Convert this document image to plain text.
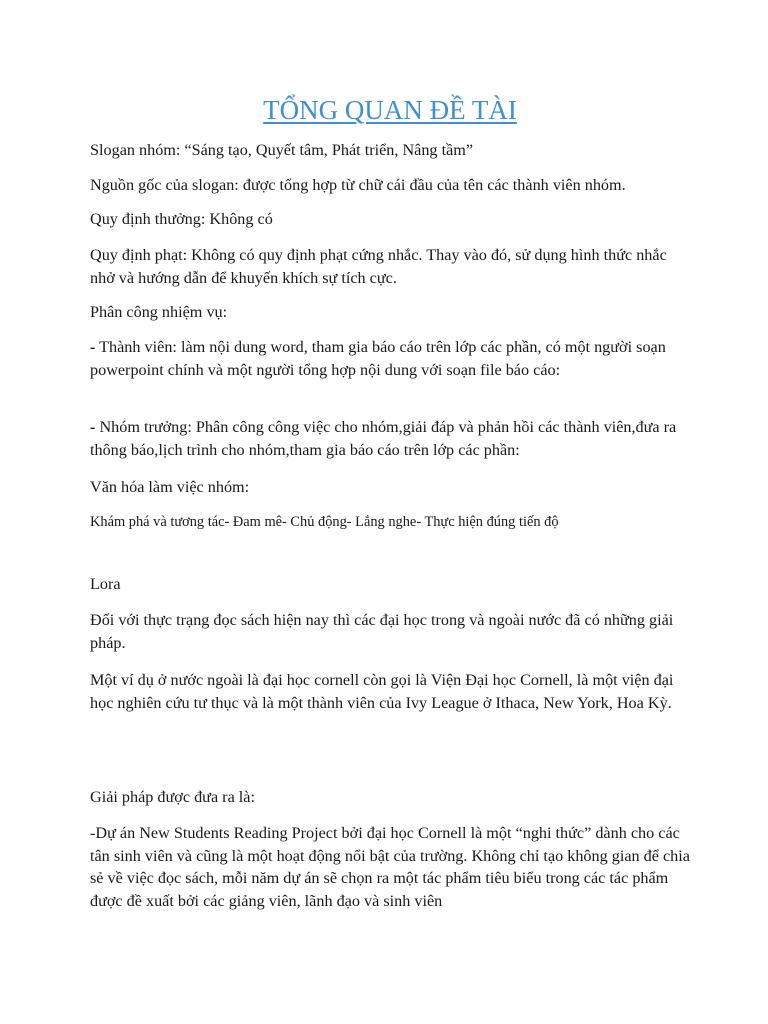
TỔNG QUAN ĐỀ TÀI

Slogan nhóm: “Sáng tạo, Quyết tâm, Phát triển, Nâng tầm”

Nguồn gốc của slogan: được tổng hợp từ chữ cái đầu của tên các thành viên nhóm.

Quy định thưởng: Không có

Quy định phạt: Không có quy định phạt cứng nhắc. Thay vào đó, sử dụng hình thức nhắc nhở và hướng dẫn để khuyến khích sự tích cực.

Phân công nhiệm vụ:

- Thành viên: làm nội dung word, tham gia báo cáo trên lớp các phần, có một người soạn powerpoint chính và một người tổng hợp nội dung với soạn file báo cáo:

- Nhóm trưởng: Phân công công việc cho nhóm,giải đáp và phản hồi các thành viên,đưa ra thông báo,lịch trình cho nhóm,tham gia báo cáo trên lớp các phần:

Văn hóa làm việc nhóm:

Khám phá và tương tác- Đam mê- Chủ động- Lắng nghe- Thực hiện đúng tiến độ

Lora

Đối với thực trạng đọc sách hiện nay thì các đại học trong và ngoài nước đã có những giải pháp.

Một ví dụ ở nước ngoài là đại học cornell còn gọi là Viện Đại học Cornell, là một viện đại học nghiên cứu tư thục và là một thành viên của Ivy League ở Ithaca, New York, Hoa Kỳ.

Giải pháp được đưa ra là:

-Dự án New Students Reading Project bởi đại học Cornell là một “nghi thức” dành cho các tân sinh viên và cũng là một hoạt động nổi bật của trường. Không chỉ tạo không gian để chia sẻ về việc đọc sách, mỗi năm dự án sẽ chọn ra một tác phẩm tiêu biểu trong các tác phẩm được đề xuất bởi các giảng viên, lãnh đạo và sinh viên
